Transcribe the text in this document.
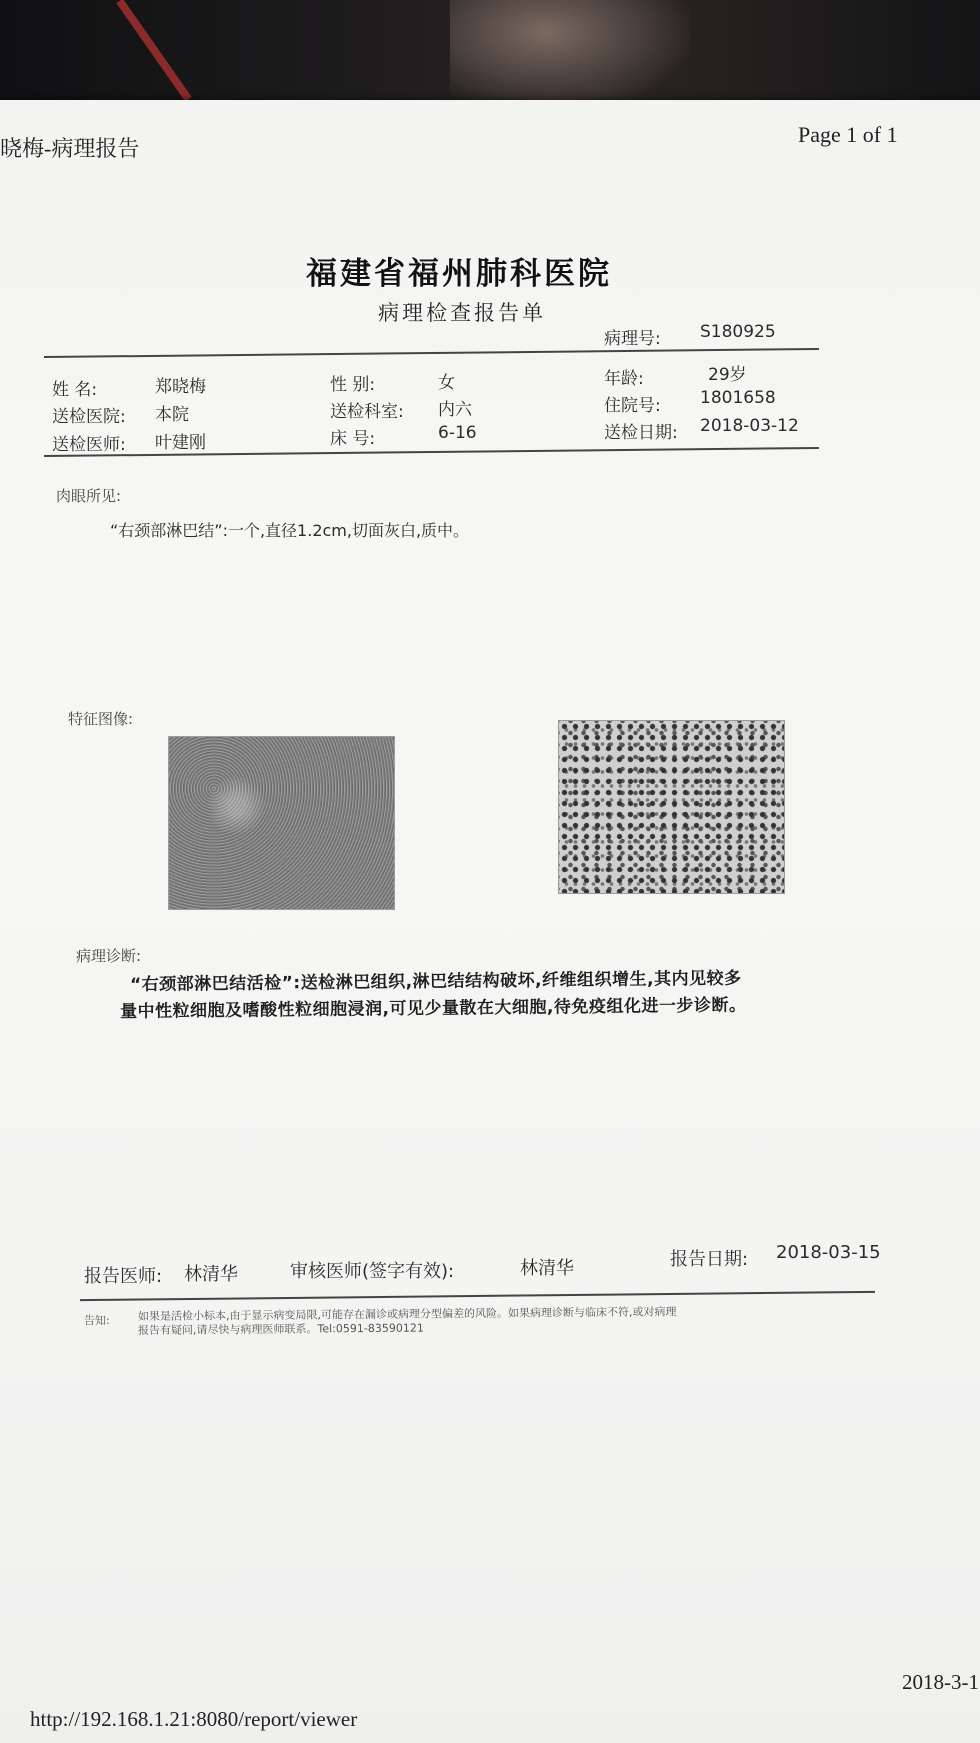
晓梅-病理报告
Page 1 of 1
福建省福州肺科医院
病理检查报告单
病理号: S180925
姓 名:	郑晓梅	性 别:	女	年龄:	29岁
送检医院: 本院	送检科室: 内六	住院号: 1801658
送检医师: 叶建刚	床 号:	6-16	送检日期: 2018-03-12
肉眼所见:
“右颈部淋巴结”:一个,直径1.2cm,切面灰白,质中。
特征图像:
病理诊断:
“右颈部淋巴结活检”:送检淋巴组织,淋巴结结构破坏,纤维组织增生,其内见较多
量中性粒细胞及嗜酸性粒细胞浸润,可见少量散在大细胞,待免疫组化进一步诊断。
报告医师: 林清华	审核医师(签字有效):	林清华	报告日期: 2018-03-15
告知:	如果是活检小标本,由于显示病变局限,可能存在漏诊或病理分型偏差的风险。如果病理诊断与临床不符,或对病理
报告有疑问,请尽快与病理医师联系。Tel:0591-83590121
http://192.168.1.21:8080/report/viewer
2018-3-1
